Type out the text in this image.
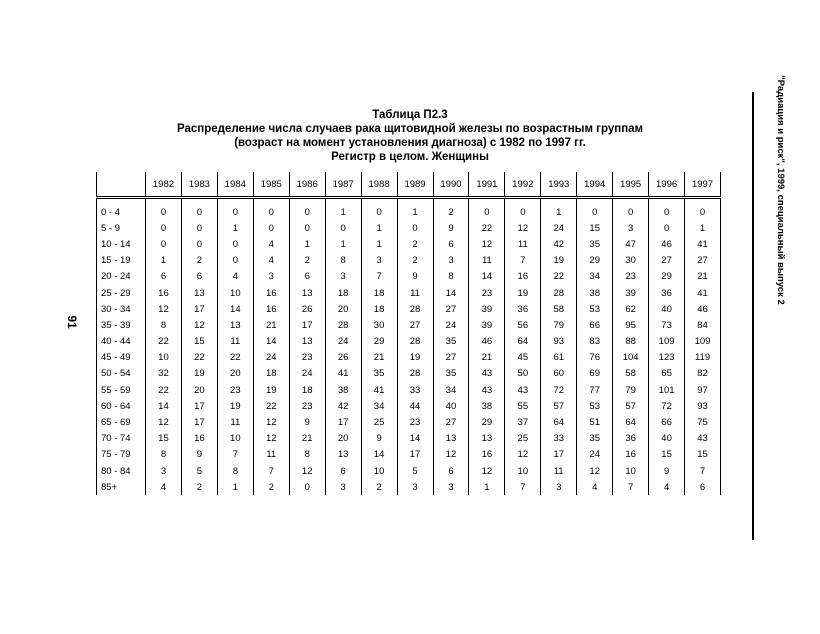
91
"Радиация и риск", 1999, специальный выпуск 2
Таблица П2.3
Распределение числа случаев рака щитовидной железы по возрастным группам
(возраст на момент установления диагноза) с 1982 по 1997 гг.
Регистр в целом. Женщины
	1982	1983	1984	1985	1986	1987	1988	1989	1990	1991	1992	1993	1994	1995	1996	1997
0 - 4	0	0	0	0	0	1	0	1	2	0	0	1	0	0	0	0
5 - 9	0	0	1	0	0	0	1	0	9	22	12	24	15	3	0	1
10 - 14	0	0	0	4	1	1	1	2	6	12	11	42	35	47	46	41
15 - 19	1	2	0	4	2	8	3	2	3	11	7	19	29	30	27	27
20 - 24	6	6	4	3	6	3	7	9	8	14	16	22	34	23	29	21
25 - 29	16	13	10	16	13	18	18	11	14	23	19	28	38	39	36	41
30 - 34	12	17	14	16	26	20	18	28	27	39	36	58	53	62	40	46
35 - 39	8	12	13	21	17	28	30	27	24	39	56	79	66	95	73	84
40 - 44	22	15	11	14	13	24	29	28	35	46	64	93	83	88	109	109
45 - 49	10	22	22	24	23	26	21	19	27	21	45	61	76	104	123	119
50 - 54	32	19	20	18	24	41	35	28	35	43	50	60	69	58	65	82
55 - 59	22	20	23	19	18	38	41	33	34	43	43	72	77	79	101	97
60 - 64	14	17	19	22	23	42	34	44	40	38	55	57	53	57	72	93
65 - 69	12	17	11	12	9	17	25	23	27	29	37	64	51	64	66	75
70 - 74	15	16	10	12	21	20	9	14	13	13	25	33	35	36	40	43
75 - 79	8	9	7	11	8	13	14	17	12	16	12	17	24	16	15	15
80 - 84	3	5	8	7	12	6	10	5	6	12	10	11	12	10	9	7
85+	4	2	1	2	0	3	2	3	3	1	7	3	4	7	4	6
